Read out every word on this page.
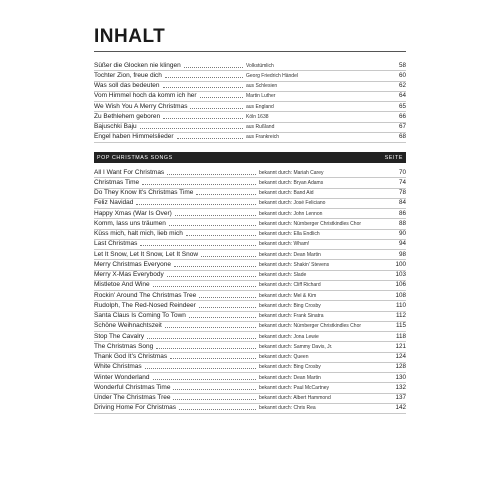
INHALT
Süßer die Glocken nie klingen	Volkstümlich	58
Tochter Zion, freue dich	Georg Friedrich Händel	60
Was soll das bedeuten	aus Schlesien	62
Vom Himmel hoch da komm ich her	Martin Luther	64
We Wish You A Merry Christmas	aus England	65
Zu Bethlehem geboren	Köln 1638	66
Bajuschki Baju	aus Rußland	67
Engel haben Himmelslieder	aus Frankreich	68
POP CHRISTMAS SONGS	SEITE
All I Want For Christmas	bekannt durch: Mariah Carey	70
Christmas Time	bekannt durch: Bryan Adams	74
Do They Know It's Christmas Time	bekannt durch: Band Aid	78
Feliz Navidad	bekannt durch: José Feliciano	84
Happy Xmas (War Is Over)	bekannt durch: John Lennon	86
Komm, lass uns träumen	bekannt durch: Nürnberger Christkindles Chor	88
Küss mich, halt mich, lieb mich	bekannt durch: Ella Endlich	90
Last Christmas	bekannt durch: Wham!	94
Let It Snow, Let It Snow, Let It Snow	bekannt durch: Dean Martin	98
Merry Christmas Everyone	bekannt durch: Shakin' Stevens	100
Merry X-Mas Everybody	bekannt durch: Slade	103
Mistletoe And Wine	bekannt durch: Cliff Richard	106
Rockin' Around The Christmas Tree	bekannt durch: Mel & Kim	108
Rudolph, The Red-Nosed Reindeer	bekannt durch: Bing Crosby	110
Santa Claus Is Coming To Town	bekannt durch: Frank Sinatra	112
Schöne Weihnachtszeit	bekannt durch: Nürnberger Christkindles Chor	115
Stop The Cavalry	bekannt durch: Jona Lewie	118
The Christmas Song	bekannt durch: Sammy Davis, Jr.	121
Thank God It's Christmas	bekannt durch: Queen	124
White Christmas	bekannt durch: Bing Crosby	128
Winter Wonderland	bekannt durch: Dean Martin	130
Wonderful Christmas Time	bekannt durch: Paul McCartney	132
Under The Christmas Tree	bekannt durch: Albert Hammond	137
Driving Home For Christmas	bekannt durch: Chris Rea	142
